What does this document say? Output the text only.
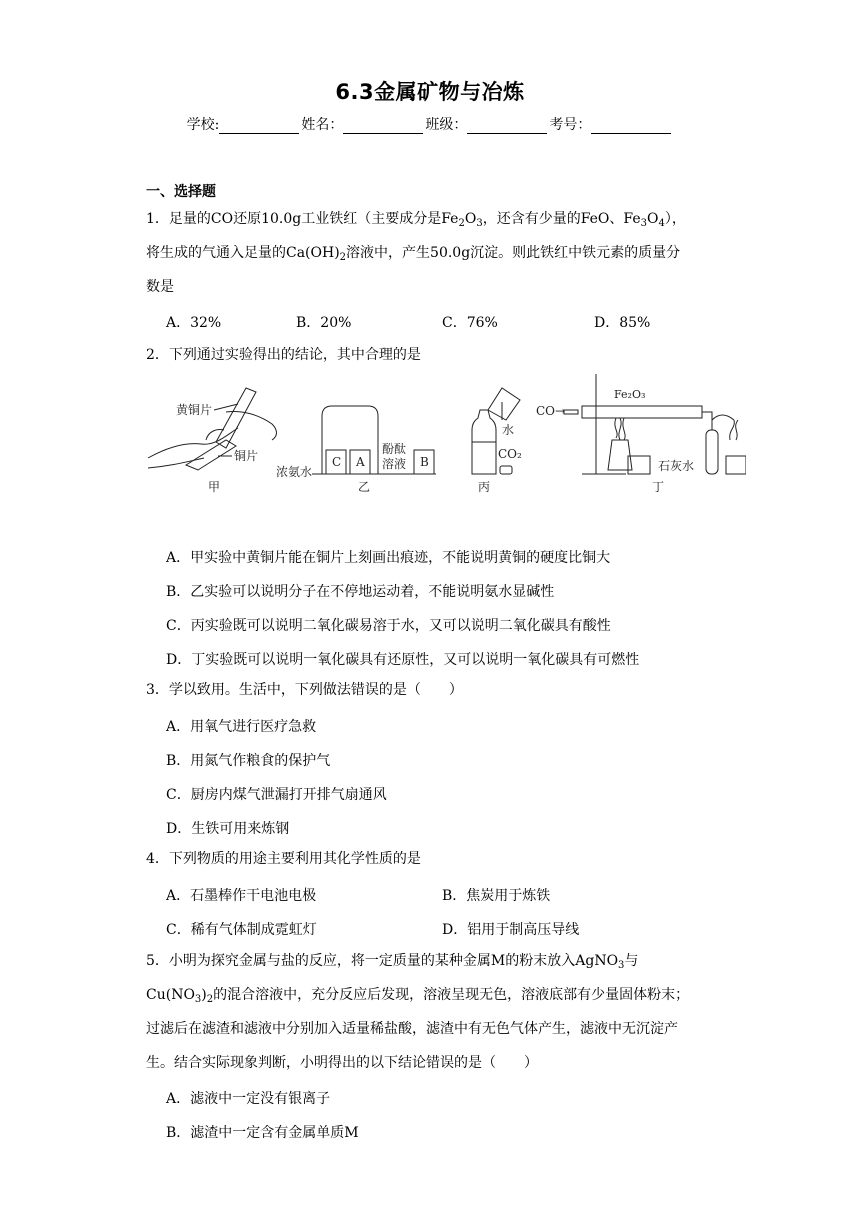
6.3金属矿物与冶炼
学校:	姓名：	班级：	考号：
一、选择题
1．足量的CO还原10.0g工业铁红（主要成分是$Fe_2O_3$，还含有少量的FeO、$Fe_3O_4$），
将生成的气通入足量的$Ca(OH)_2$溶液中，产生50.0g沉淀。则此铁红中铁元素的质量分
数是
A．32%	B．20%	C．76%	D．85%
2．下列通过实验得出的结论，其中合理的是
黄铜片
铜片
甲
C A	B
酚酞
溶液
浓氨水
乙
水
CO₂
丙
Fe₂O₃
CO→
石灰水
丁
A．甲实验中黄铜片能在铜片上刻画出痕迹，不能说明黄铜的硬度比铜大
B．乙实验可以说明分子在不停地运动着，不能说明氨水显碱性
C．丙实验既可以说明二氧化碳易溶于水，又可以说明二氧化碳具有酸性
D．丁实验既可以说明一氧化碳具有还原性，又可以说明一氧化碳具有可燃性
3．学以致用。生活中，下列做法错误的是（　　）
A．用氧气进行医疗急救
B．用氮气作粮食的保护气
C．厨房内煤气泄漏打开排气扇通风
D．生铁可用来炼钢
4．下列物质的用途主要利用其化学性质的是
A．石墨棒作干电池电极	B．焦炭用于炼铁
C．稀有气体制成霓虹灯	D．铝用于制高压导线
5．小明为探究金属与盐的反应，将一定质量的某种金属M的粉末放入AgNO$_3$与
$Cu(NO_3)_2$的混合溶液中，充分反应后发现，溶液呈现无色，溶液底部有少量固体粉末；
过滤后在滤渣和滤液中分别加入适量稀盐酸，滤渣中有无色气体产生，滤液中无沉淀产
生。结合实际现象判断，小明得出的以下结论错误的是（　　）
A．滤液中一定没有银离子
B．滤渣中一定含有金属单质M
